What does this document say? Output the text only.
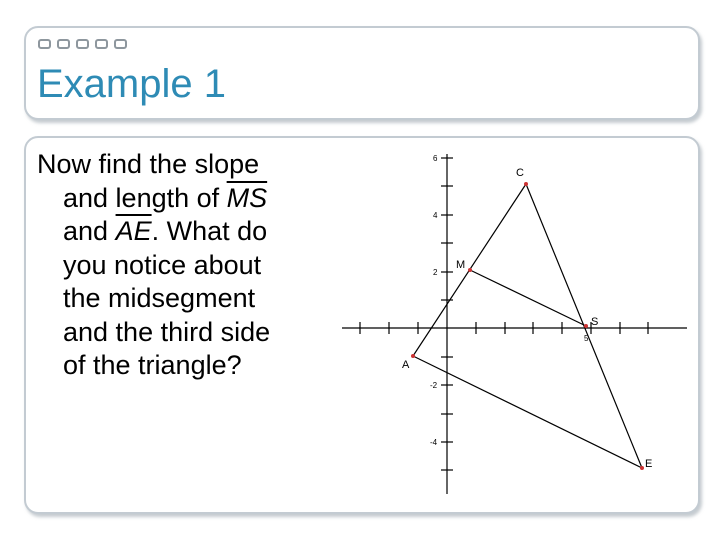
Example 1
Now find the slope
and length of $\overline{MS}$
and $\overline{AE}$. What do
you notice about
the midsegment
and the third side
of the triangle?
6
4
2
-2
-4
5
C
M
S
A
E
